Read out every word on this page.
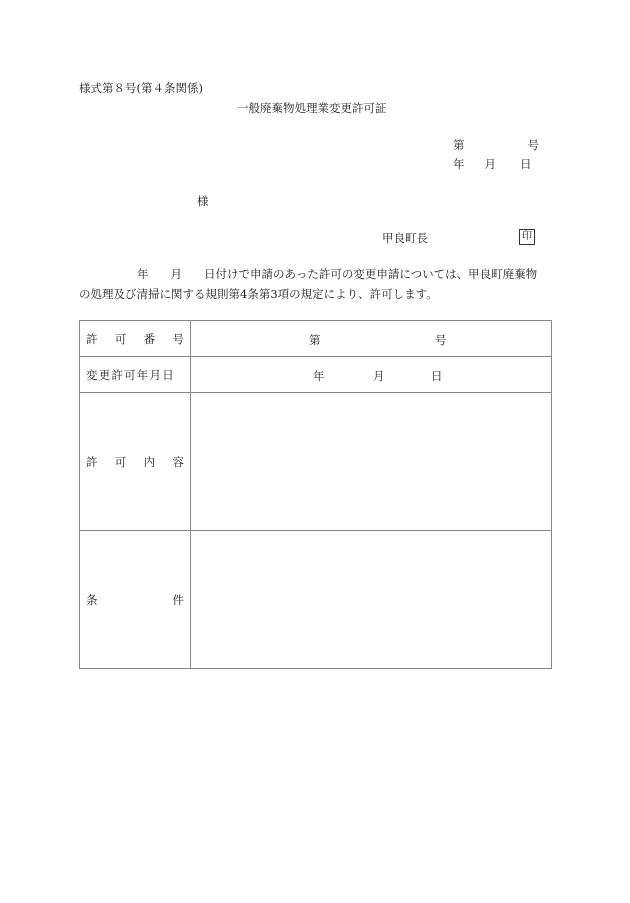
様式第８号(第４条関係)
一般廃棄物処理業変更許可証
第	号
年 月 日
様
甲良町長	印
年 月 日付けで申請のあった許可の変更申請については、甲良町廃棄物
の処理及び清掃に関する規則第4条第3項の規定により、許可します。
許 可 番 号	第 号

変更許可年月日	年 月 日

許 可 内 容	

条 件	
